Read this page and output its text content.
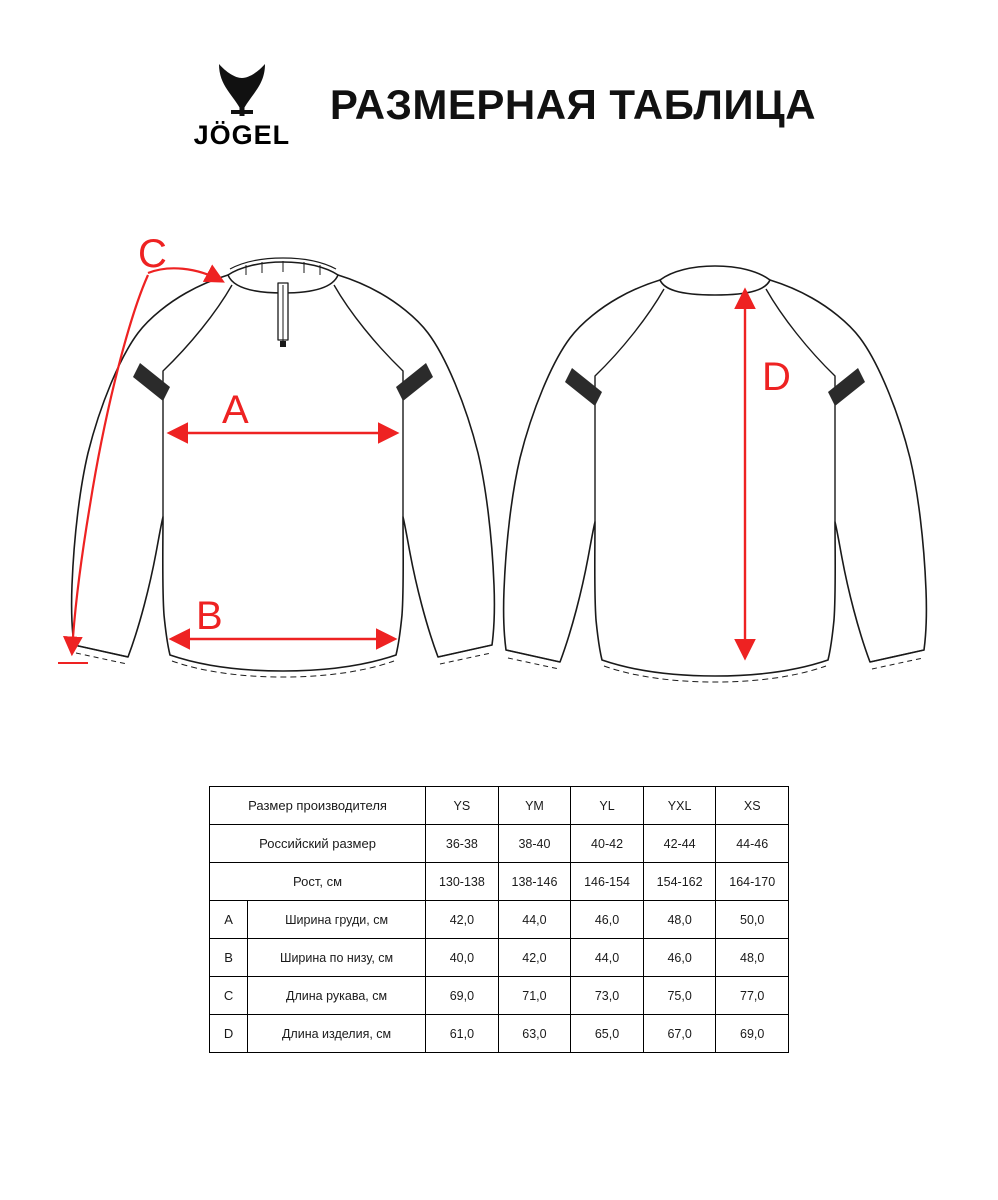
JÖGEL
РАЗМЕРНАЯ ТАБЛИЦА
A
B
C
D
Размер производителя		YS	YM	YL	YXL	XS
Российский размер		36-38	38-40	40-42	42-44	44-46
Рост, см		130-138	138-146	146-154	154-162	164-170
A	Ширина груди, см	42,0	44,0	46,0	48,0	50,0
B	Ширина по низу, см	40,0	42,0	44,0	46,0	48,0
C	Длина рукава, см	69,0	71,0	73,0	75,0	77,0
D	Длина изделия, см	61,0	63,0	65,0	67,0	69,0
